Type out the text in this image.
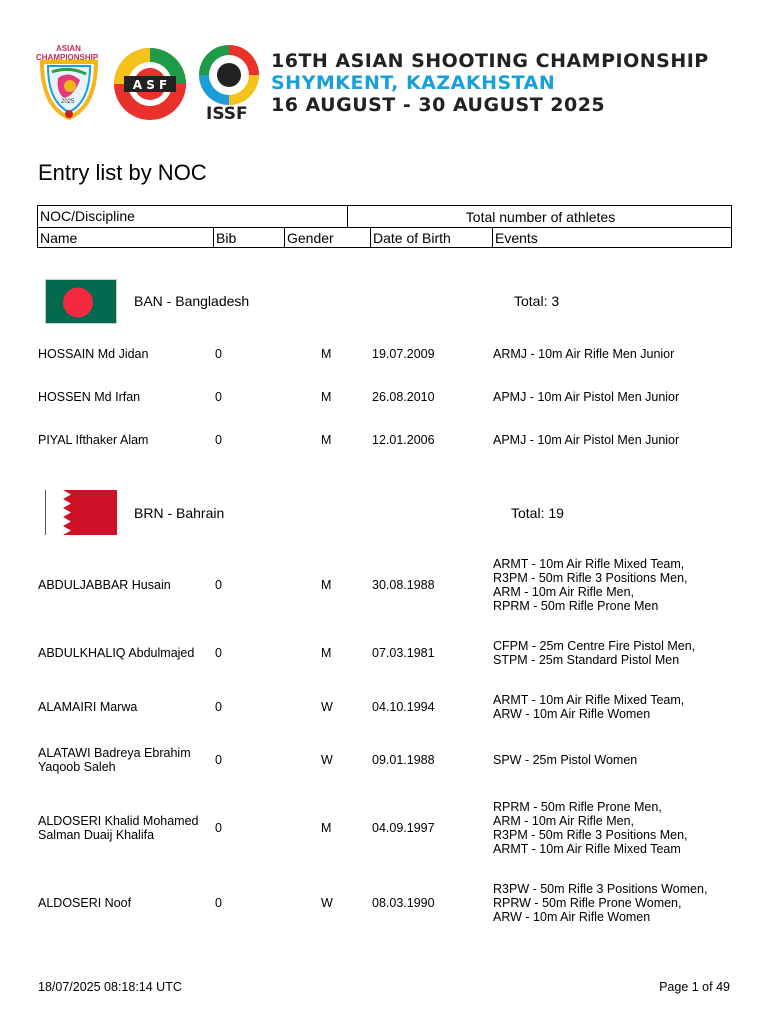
ASIAN
CHAMPIONSHIP
2025
A S F
ISSF
16TH ASIAN SHOOTING CHAMPIONSHIP
SHYMKENT, KAZAKHSTAN
16 AUGUST - 30 AUGUST 2025
Entry list by NOC
NOC/Discipline	Total number of athletes
Name	Bib	Gender	Date of Birth	Events
BAN - Bangladesh	Total: 3
HOSSAIN Md Jidan	0	M	19.07.2009	ARMJ - 10m Air Rifle Men Junior
HOSSEN Md Irfan	0	M	26.08.2010	APMJ - 10m Air Pistol Men Junior
PIYAL Ifthaker Alam	0	M	12.01.2006	APMJ - 10m Air Pistol Men Junior
BRN - Bahrain	Total: 19
ABDULJABBAR Husain	0	M	30.08.1988
ARMT - 10m Air Rifle Mixed Team,
R3PM - 50m Rifle 3 Positions Men,
ARM - 10m Air Rifle Men,
RPRM - 50m Rifle Prone Men
ABDULKHALIQ Abdulmajed 0	M	07.03.1981	CFPM - 25m Centre Fire Pistol Men,
STPM - 25m Standard Pistol Men
ALAMAIRI Marwa	0	W	04.10.1994	ARMT - 10m Air Rifle Mixed Team,
ARW - 10m Air Rifle Women
ALATAWI Badreya Ebrahim
Yaqoob Saleh	0	W	09.01.1988	SPW - 25m Pistol Women
ALDOSERI Khalid Mohamed
Salman Duaij Khalifa	0	M	04.09.1997
RPRM - 50m Rifle Prone Men,
ARM - 10m Air Rifle Men,
R3PM - 50m Rifle 3 Positions Men,
ARMT - 10m Air Rifle Mixed Team
ALDOSERI Noof	0	W	08.03.1990
R3PW - 50m Rifle 3 Positions Women,
RPRW - 50m Rifle Prone Women,
ARW - 10m Air Rifle Women
18/07/2025 08:18:14 UTC	Page 1 of 49
